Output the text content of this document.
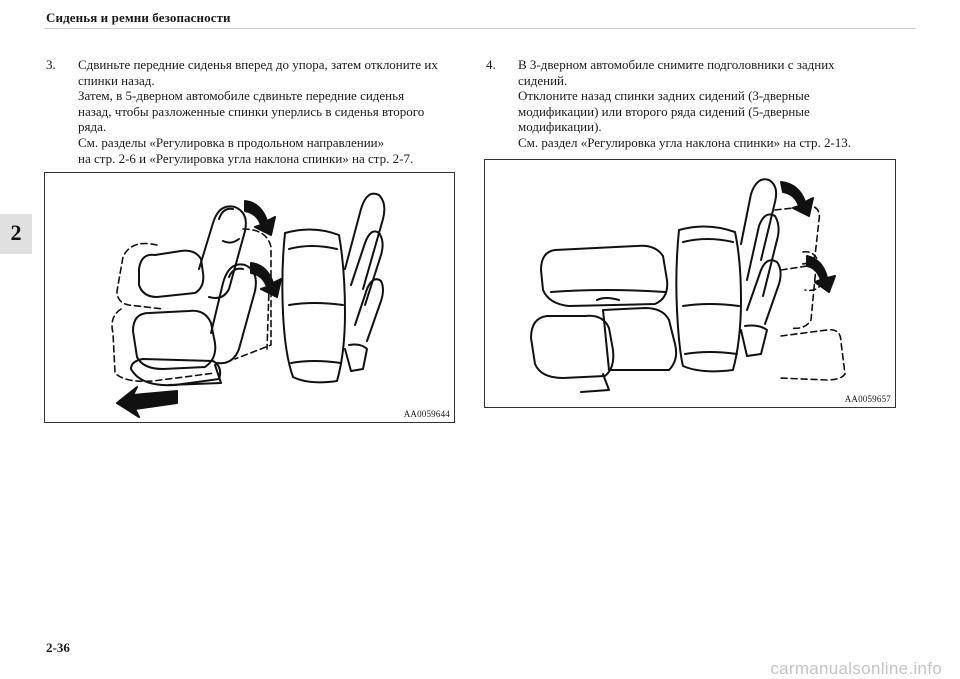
Сиденья и ремни безопасности
2
3. Сдвиньте передние сиденья вперед до упора, затем отклоните их
спинки назад.
Затем, в 5-дверном автомобиле сдвиньте передние сиденья
назад, чтобы разложенные спинки уперлись в сиденья второго
ряда.
См. разделы «Регулировка в продольном направлении»
на стр. 2-6 и «Регулировка угла наклона спинки» на стр. 2-7.
4. В 3-дверном автомобиле снимите подголовники с задних
сидений.
Отклоните назад спинки задних сидений (3-дверные
модификации) или второго ряда сидений (5-дверные
модификации).
См. раздел «Регулировка угла наклона спинки» на стр. 2-13.
AA0059644
AA0059657
2-36
carmanualsonline.info
